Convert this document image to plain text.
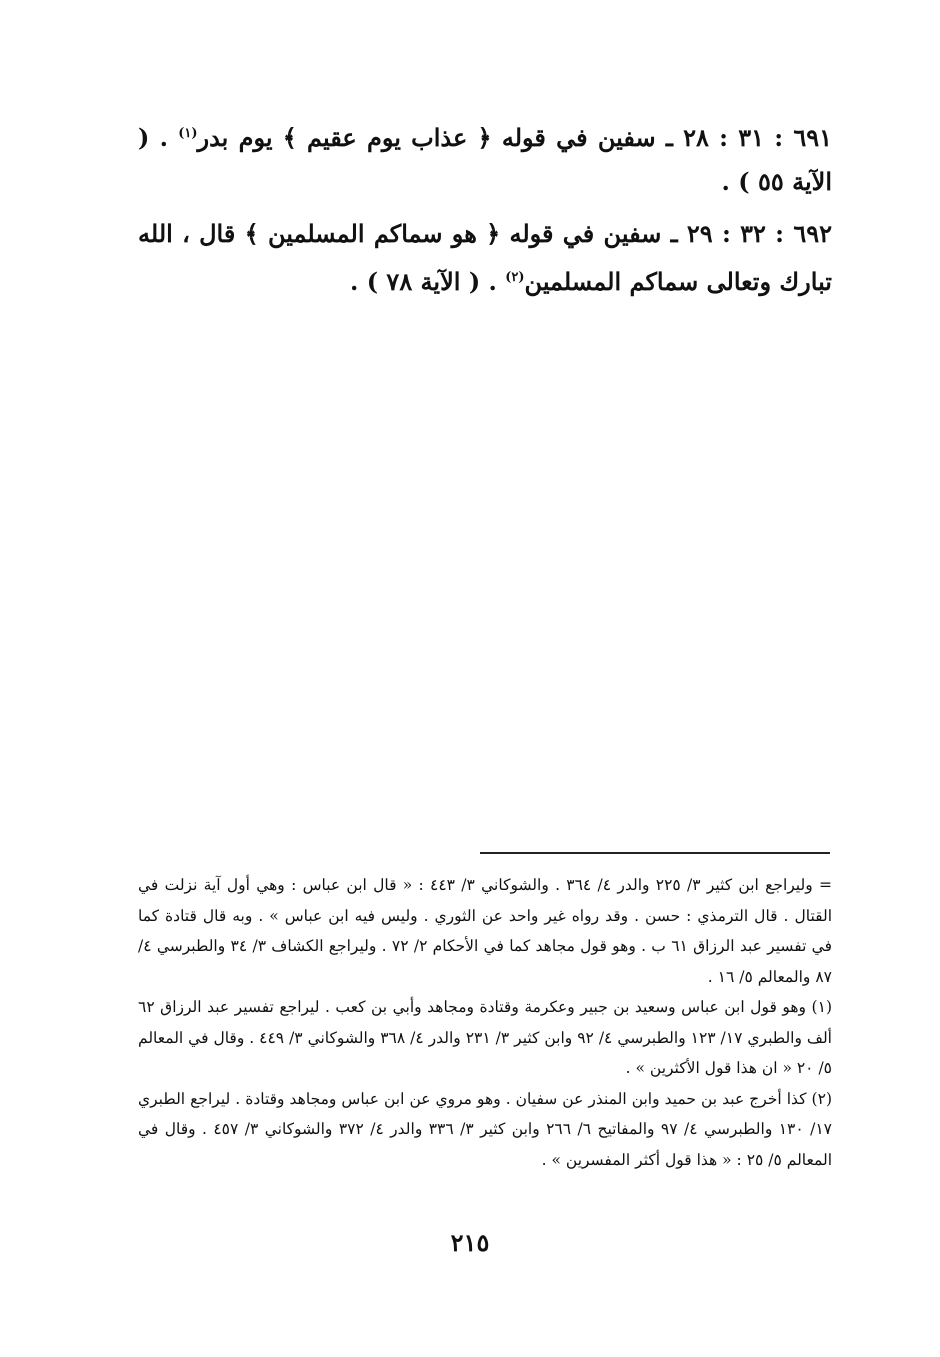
٦٩١ : ٣١ : ٢٨ ـ سفين في قوله ﴿ عذاب يوم عقيم ﴾ يوم بدر$^{(١)}$ . ( الآية ٥٥ ) .

٦٩٢ : ٣٢ : ٢٩ ـ سفين في قوله ﴿ هو سماكم المسلمين ﴾ قال ، الله تبارك وتعالى سماكم المسلمين$^{(٢)}$ . ( الآية ٧٨ ) .

= وليراجع ابن كثير ٣/ ٢٢٥ والدر ٤/ ٣٦٤ . والشوكاني ٣/ ٤٤٣ : « قال ابن عباس : وهي أول آية نزلت في القتال . قال الترمذي : حسن . وقد رواه غير واحد عن الثوري . وليس فيه ابن عباس » . وبه قال قتادة كما في تفسير عبد الرزاق ٦١ ب . وهو قول مجاهد كما في الأحكام ٢/ ٧٢ . وليراجع الكشاف ٣/ ٣٤ والطبرسي ٤/ ٨٧ والمعالم ٥/ ١٦ .

(١) وهو قول ابن عباس وسعيد بن جبير وعكرمة وقتادة ومجاهد وأبي بن كعب . ليراجع تفسير عبد الرزاق ٦٢ ألف والطبري ١٧/ ١٢٣ والطبرسي ٤/ ٩٢ وابن كثير ٣/ ٢٣١ والدر ٤/ ٣٦٨ والشوكاني ٣/ ٤٤٩ . وقال في المعالم ٥/ ٢٠ « ان هذا قول الأكثرين » .

(٢) كذا أخرج عبد بن حميد وابن المنذر عن سفيان . وهو مروي عن ابن عباس ومجاهد وقتادة . ليراجع الطبري ١٧/ ١٣٠ والطبرسي ٤/ ٩٧ والمفاتيح ٦/ ٢٦٦ وابن كثير ٣/ ٣٣٦ والدر ٤/ ٣٧٢ والشوكاني ٣/ ٤٥٧ . وقال في المعالم ٥/ ٢٥ : « هذا قول أكثر المفسرين » .

٢١٥
